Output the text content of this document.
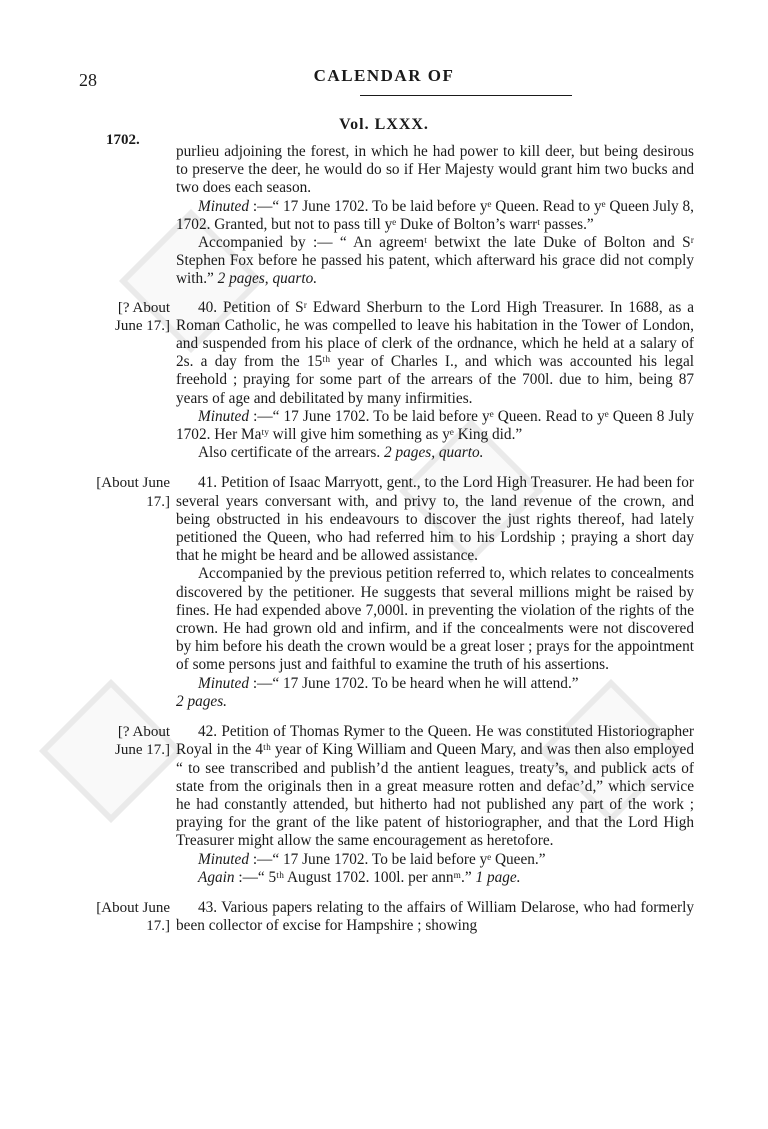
28	CALENDAR OF
Vol. LXXX.
1702.

purlieu adjoining the forest, in which he had power to kill deer, but being desirous to preserve the deer, he would do so if Her Majesty would grant him two bucks and two does each season.

Minuted :—“ 17 June 1702. To be laid before yᵉ Queen. Read to yᵉ Queen July 8, 1702. Granted, but not to pass till yᵉ Duke of Bolton’s warrᵗ passes.”

Accompanied by :— “ An agreemᵗ betwixt the late Duke of Bolton and Sʳ Stephen Fox before he passed his patent, which afterward his grace did not comply with.” 2 pages, quarto.

[? About June 17.]

40. Petition of Sʳ Edward Sherburn to the Lord High Treasurer. In 1688, as a Roman Catholic, he was compelled to leave his habitation in the Tower of London, and suspended from his place of clerk of the ordnance, which he held at a salary of 2s. a day from the 15ᵗʰ year of Charles I., and which was accounted his legal freehold ; praying for some part of the arrears of the 700l. due to him, being 87 years of age and debilitated by many infirmities.

Minuted :—“ 17 June 1702. To be laid before yᵉ Queen. Read to yᵉ Queen 8 July 1702. Her Maᵗʸ will give him something as yᵉ King did.”

Also certificate of the arrears. 2 pages, quarto.

[About June 17.]

41. Petition of Isaac Marryott, gent., to the Lord High Treasurer. He had been for several years conversant with, and privy to, the land revenue of the crown, and being obstructed in his endeavours to discover the just rights thereof, had lately petitioned the Queen, who had referred him to his Lordship ; praying a short day that he might be heard and be allowed assistance.

Accompanied by the previous petition referred to, which relates to concealments discovered by the petitioner. He suggests that several millions might be raised by fines. He had expended above 7,000l. in preventing the violation of the rights of the crown. He had grown old and infirm, and if the concealments were not discovered by him before his death the crown would be a great loser ; prays for the appointment of some persons just and faithful to examine the truth of his assertions.

Minuted :—“ 17 June 1702. To be heard when he will attend.”

2 pages.

[? About June 17.]

42. Petition of Thomas Rymer to the Queen. He was constituted Historiographer Royal in the 4ᵗʰ year of King William and Queen Mary, and was then also employed “ to see transcribed and publish’d the antient leagues, treaty’s, and publick acts of state from the originals then in a great measure rotten and defac’d,” which service he had constantly attended, but hitherto had not published any part of the work ; praying for the grant of the like patent of historiographer, and that the Lord High Treasurer might allow the same encouragement as heretofore.

Minuted :—“ 17 June 1702. To be laid before yᵉ Queen.”

Again :—“ 5ᵗʰ August 1702. 100l. per annᵐ.” 1 page.

[About June 17.]

43. Various papers relating to the affairs of William Delarose, who had formerly been collector of excise for Hampshire ; showing
